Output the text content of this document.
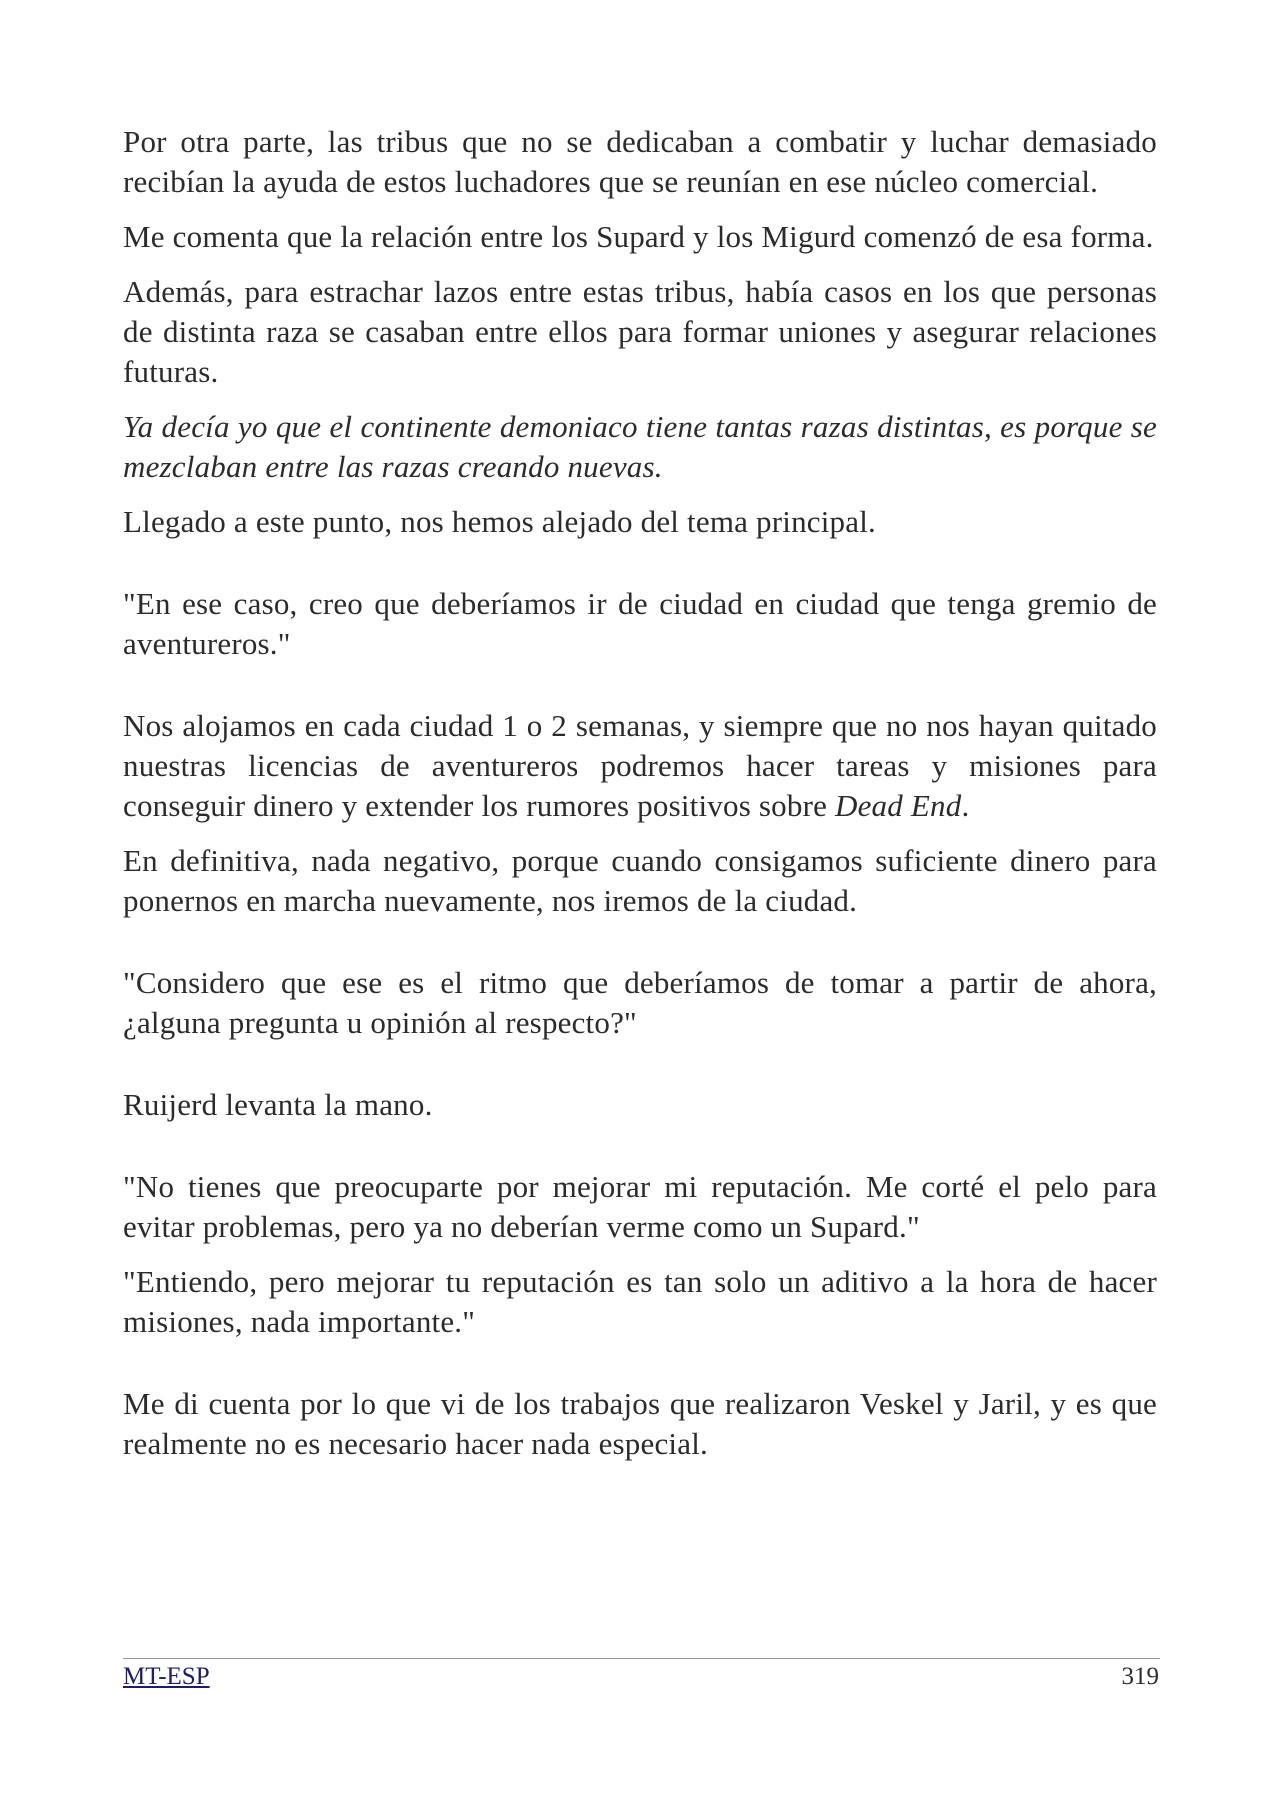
Por otra parte, las tribus que no se dedicaban a combatir y luchar demasiado recibían la ayuda de estos luchadores que se reunían en ese núcleo comercial.

Me comenta que la relación entre los Supard y los Migurd comenzó de esa forma.

Además, para estrachar lazos entre estas tribus, había casos en los que personas de distinta raza se casaban entre ellos para formar uniones y asegurar relaciones futuras.

Ya decía yo que el continente demoniaco tiene tantas razas distintas, es porque se mezclaban entre las razas creando nuevas.

Llegado a este punto, nos hemos alejado del tema principal.

"En ese caso, creo que deberíamos ir de ciudad en ciudad que tenga gremio de aventureros."

Nos alojamos en cada ciudad 1 o 2 semanas, y siempre que no nos hayan quitado nuestras licencias de aventureros podremos hacer tareas y misiones para conseguir dinero y extender los rumores positivos sobre Dead End.

En definitiva, nada negativo, porque cuando consigamos suficiente dinero para ponernos en marcha nuevamente, nos iremos de la ciudad.

"Considero que ese es el ritmo que deberíamos de tomar a partir de ahora, ¿alguna pregunta u opinión al respecto?"

Ruijerd levanta la mano.

"No tienes que preocuparte por mejorar mi reputación. Me corté el pelo para evitar problemas, pero ya no deberían verme como un Supard."

"Entiendo, pero mejorar tu reputación es tan solo un aditivo a la hora de hacer misiones, nada importante."

Me di cuenta por lo que vi de los trabajos que realizaron Veskel y Jaril, y es que realmente no es necesario hacer nada especial.

MT-ESP	319
